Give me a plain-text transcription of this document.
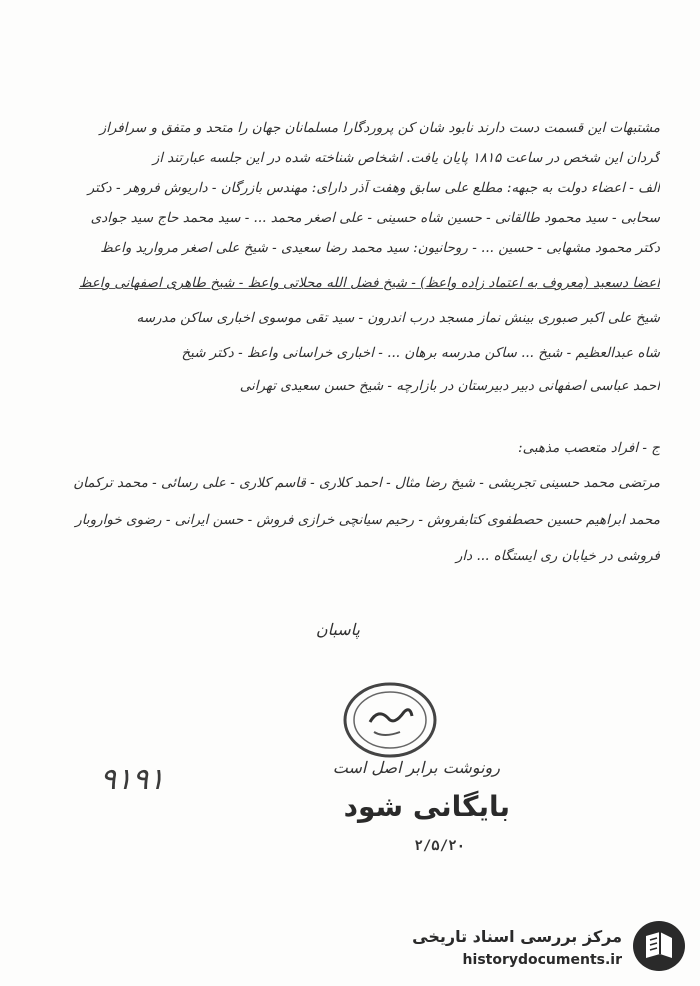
مشتبهات این قسمت دست دارند نابود شان کن پروردگارا مسلمانان جهان را متحد و متفق و سرافراز
گردان این شخص در ساعت ۱۸۱۵ پایان یافت. اشخاص شناخته شده در این جلسه عبارتند از
الف - اعضاء دولت به جبهه: مطلع علی سابق وهفت آذر دارای: مهندس بازرگان - داریوش فروهر - دکتر
سحابی - سید محمود طالقانی - حسین شاه حسینی - علی اصغر محمد ... - سید محمد حاج سید جوادی
دکتر محمود مشهابی - حسین ... - روحانیون: سید محمد رضا سعیدی - شیخ علی اصغر مروارید واعظ
اعضا دسعید (معروف به اعتماد زاده واعظ) - شیخ فضل الله محلاتی واعظ - شیخ طاهری اصفهانی واعظ
شیخ علی اکبر صبوری بینش نماز مسجد درب اندرون - سید تقی موسوی اخباری ساکن مدرسه
شاه عبدالعظیم - شیخ ... ساکن مدرسه برهان ... - اخباری خراسانی واعظ - دکتر شیخ
احمد عباسی اصفهانی دبیر دبیرستان در بازارچه - شیخ حسن سعیدی تهرانی
ج - افراد متعصب مذهبی:
مرتضی محمد حسینی تجریشی - شیخ رضا مثال - احمد کلاری - قاسم کلاری - علی رسائی - محمد ترکمان
محمد ابراهیم حسین حصطفوی کتابفروش - رحیم سیانچی خرازی فروش - حسن ایرانی - رضوی خواروبار
فروشی در خیابان ری ایستگاه ... دار
پاسبان
۹۱۹۱	رونوشت برابر اصل است
بایگانی شود
۲/۵/۲۰
مرکز بررسی اسناد تاریخی
historydocuments.ir
